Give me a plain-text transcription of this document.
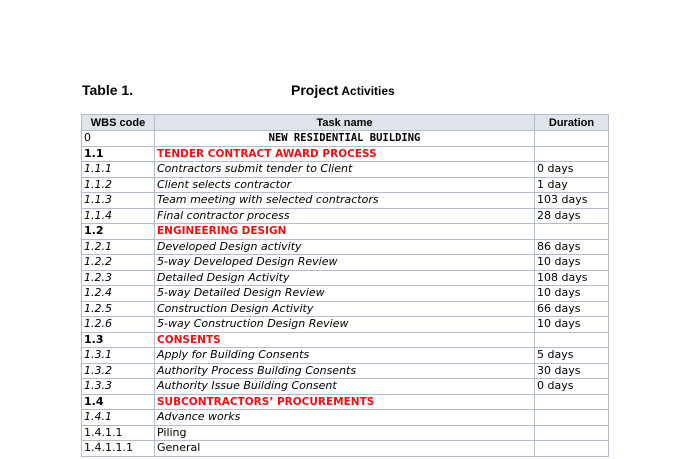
Table 1.	Project Activities
WBS code	Task name	Duration
0	NEW RESIDENTIAL BUILDING	
1.1	TENDER CONTRACT AWARD PROCESS	
1.1.1	Contractors submit tender to Client	0 days
1.1.2	Client selects contractor	1 day
1.1.3	Team meeting with selected contractors	103 days
1.1.4	Final contractor process	28 days
1.2	ENGINEERING DESIGN	
1.2.1	Developed Design activity	86 days
1.2.2	5-way Developed Design Review	10 days
1.2.3	Detailed Design Activity	108 days
1.2.4	5-way Detailed Design Review	10 days
1.2.5	Construction Design Activity	66 days
1.2.6	5-way Construction Design Review	10 days
1.3	CONSENTS	
1.3.1	Apply for Building Consents	5 days
1.3.2	Authority Process Building Consents	30 days
1.3.3	Authority Issue Building Consent	0 days
1.4	SUBCONTRACTORS’ PROCUREMENTS	
1.4.1	Advance works	
1.4.1.1	Piling	
1.4.1.1.1	General	
